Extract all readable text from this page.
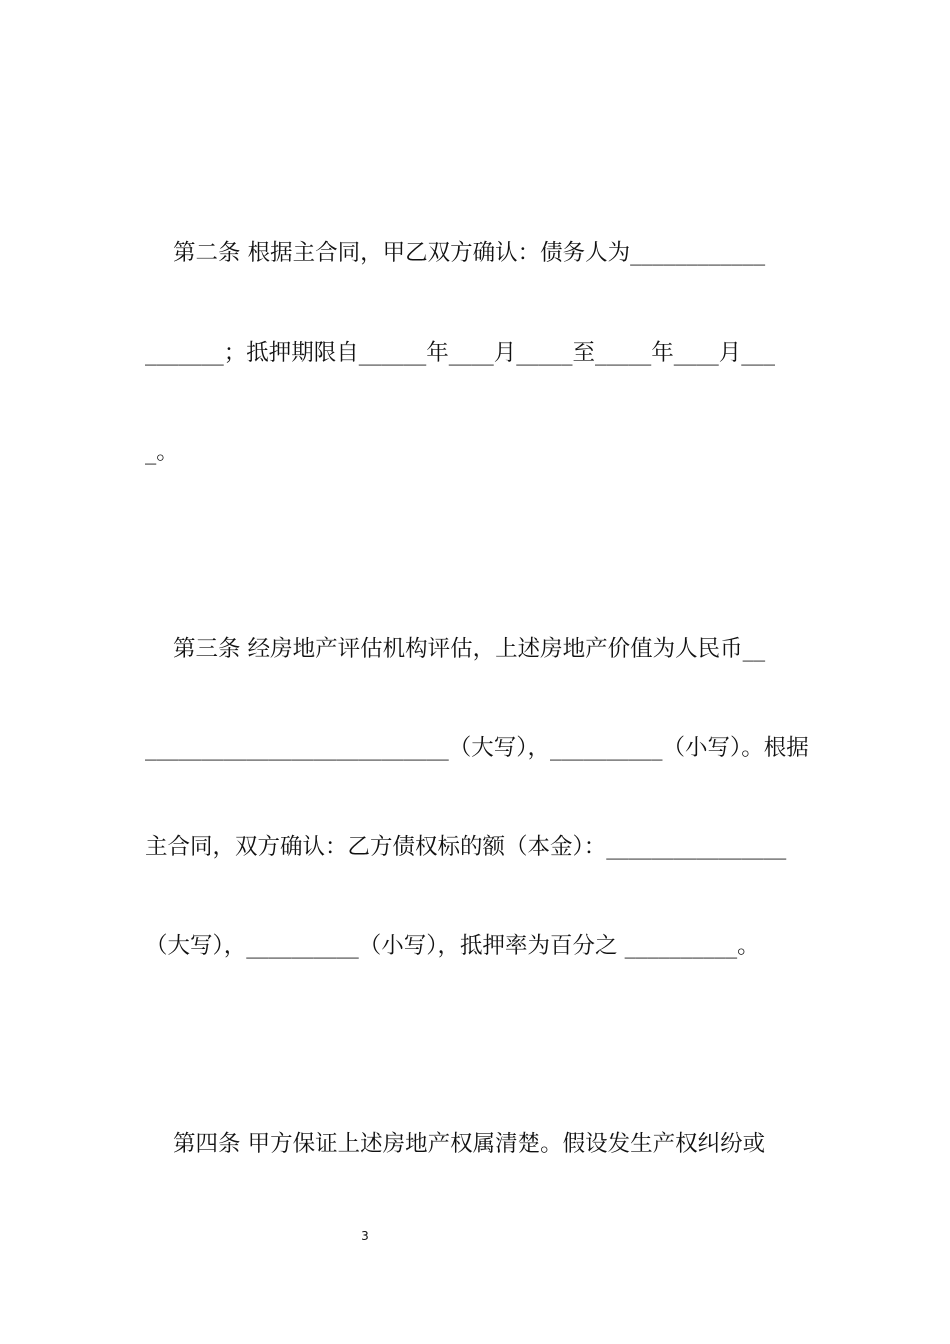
第二条 根据主合同，甲乙双方确认：债务人为____________
_______；抵押期限自______年____月_____至_____年____月___
_。
第三条 经房地产评估机构评估，上述房地产价值为人民币__
___________________________（大写），__________（小写）。根据
主合同，双方确认：乙方债权标的额（本金）：________________
（大写），__________（小写），抵押率为百分之 __________。
第四条 甲方保证上述房地产权属清楚。假设发生产权纠纷或
3
